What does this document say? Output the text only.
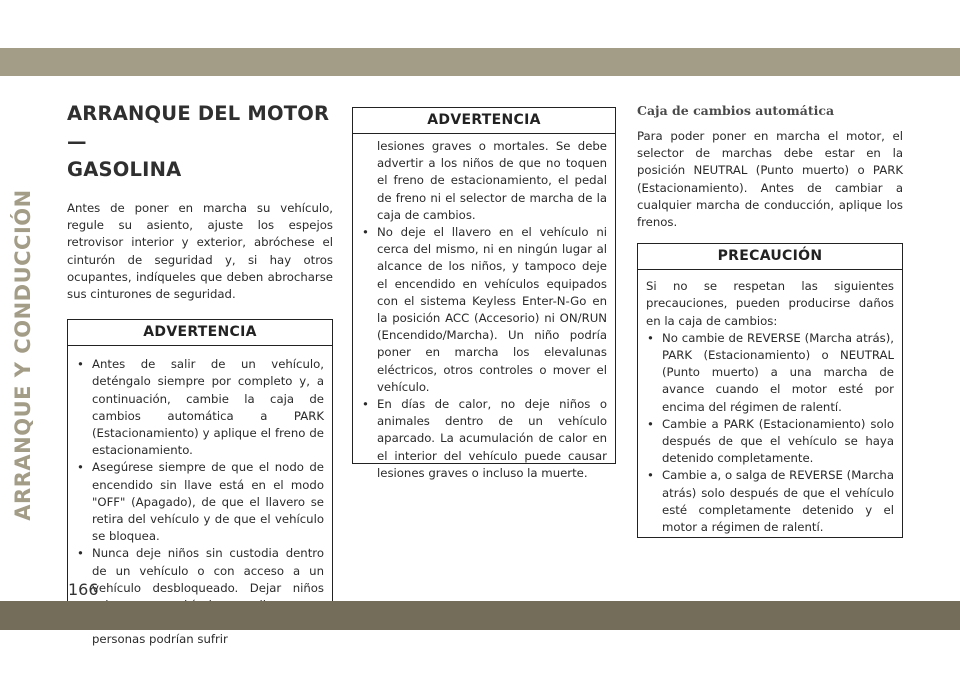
ARRANQUE Y CONDUCCIÓN
ARRANQUE DEL MOTOR —
GASOLINA

Antes de poner en marcha su vehículo, regule su asiento, ajuste los espejos retrovisor interior y exterior, abróchese el cinturón de seguridad y, si hay otros ocupantes, indíqueles que deben abrocharse sus cinturones de seguridad.

ADVERTENCIA
• Antes de salir de un vehículo, deténgalo siempre por completo y, a continuación, cambie la caja de cambios automática a PARK (Estacionamiento) y aplique el freno de estacionamiento.
• Asegúrese siempre de que el nodo de encendido sin llave está en el modo "OFF" (Apagado), de que el llavero se retira del vehículo y de que el vehículo se bloquea.
• Nunca deje niños sin custodia dentro de un vehículo o con acceso a un vehículo desbloqueado. Dejar niños personas podrían sufrir
ADVERTENCIA

lesiones graves o mortales. Se debe advertir a los niños de que no toquen el freno de estacionamiento, el pedal de freno ni el selector de marcha de la caja de cambios.

• No deje el llavero en el vehículo ni cerca del mismo, ni en ningún lugar al alcance de los niños, y tampoco deje el encendido en vehículos equipados con el sistema Keyless Enter-N-Go en la posición ACC (Accesorio) ni ON/RUN (Encendido/Marcha). Un niño podría poner en marcha los elevalunas eléctricos, otros controles o mover el vehículo.
• En días de calor, no deje niños o animales dentro de un vehículo aparcado. La acumulación de calor en el interior del vehículo puede causar lesiones graves o incluso la muerte.
Caja de cambios automática

Para poder poner en marcha el motor, el selector de marchas debe estar en la posición NEUTRAL (Punto muerto) o PARK (Estacionamiento). Antes de cambiar a cualquier marcha de conducción, aplique los frenos.

PRECAUCIÓN

Si no se respetan las siguientes precauciones, pueden producirse daños en la caja de cambios:

• No cambie de REVERSE (Marcha atrás), PARK (Estacionamiento) o NEUTRAL (Punto muerto) a una marcha de avance cuando el motor esté por encima del régimen de ralentí.
• Cambie a PARK (Estacionamiento) solo después de que el vehículo se haya detenido completamente.
• Cambie a, o salga de REVERSE (Marcha atrás) solo después de que el vehículo esté completamente detenido y el motor a régimen de ralentí.
166
